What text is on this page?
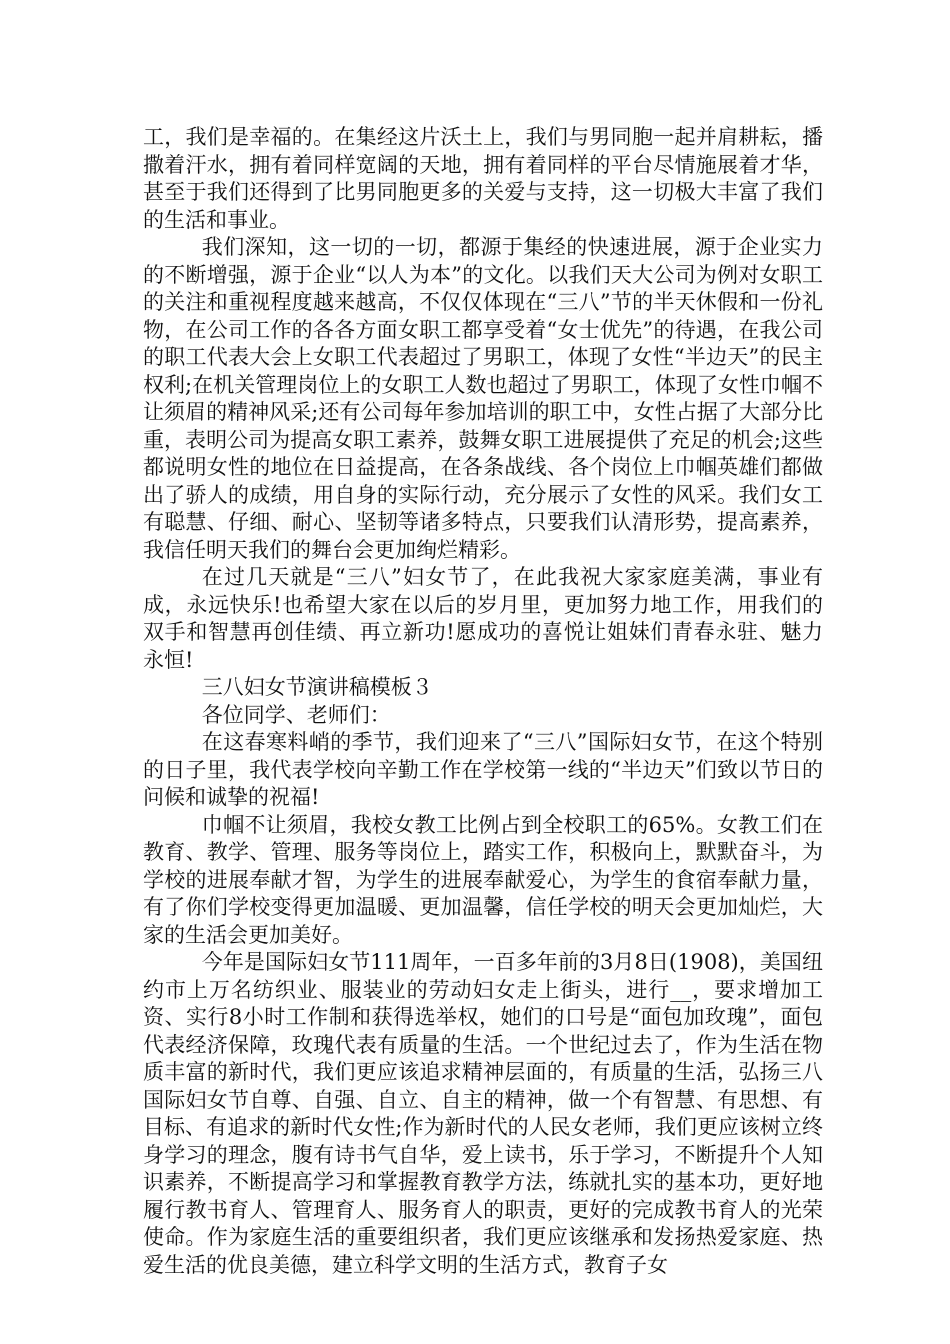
工，我们是幸福的。在集经这片沃土上，我们与男同胞一起并肩耕耘，播撒着汗水，拥有着同样宽阔的天地，拥有着同样的平台尽情施展着才华，甚至于我们还得到了比男同胞更多的关爱与支持，这一切极大丰富了我们的生活和事业。

我们深知，这一切的一切，都源于集经的快速进展，源于企业实力的不断增强，源于企业“以人为本”的文化。以我们天大公司为例对女职工的关注和重视程度越来越高，不仅仅体现在“三八”节的半天休假和一份礼物，在公司工作的各各方面女职工都享受着“女士优先”的待遇，在我公司的职工代表大会上女职工代表超过了男职工，体现了女性“半边天”的民主权利;在机关管理岗位上的女职工人数也超过了男职工，体现了女性巾帼不让须眉的精神风采;还有公司每年参加培训的职工中，女性占据了大部分比重，表明公司为提高女职工素养，鼓舞女职工进展提供了充足的机会;这些都说明女性的地位在日益提高，在各条战线、各个岗位上巾帼英雄们都做出了骄人的成绩，用自身的实际行动，充分展示了女性的风采。我们女工有聪慧、仔细、耐心、坚韧等诸多特点，只要我们认清形势，提高素养，我信任明天我们的舞台会更加绚烂精彩。

在过几天就是“三八”妇女节了，在此我祝大家家庭美满，事业有成，永远快乐!也希望大家在以后的岁月里，更加努力地工作，用我们的双手和智慧再创佳绩、再立新功!愿成功的喜悦让姐妹们青春永驻、魅力永恒!

三八妇女节演讲稿模板３

各位同学、老师们：

在这春寒料峭的季节，我们迎来了“三八”国际妇女节，在这个特别的日子里，我代表学校向辛勤工作在学校第一线的“半边天”们致以节日的问候和诚挚的祝福!

巾帼不让须眉，我校女教工比例占到全校职工的65%。女教工们在教育、教学、管理、服务等岗位上，踏实工作，积极向上，默默奋斗，为学校的进展奉献才智，为学生的进展奉献爱心，为学生的食宿奉献力量，有了你们学校变得更加温暖、更加温馨，信任学校的明天会更加灿烂，大家的生活会更加美好。

今年是国际妇女节111周年，一百多年前的3月8日(1908)，美国纽约市上万名纺织业、服装业的劳动妇女走上街头，进行__，要求增加工资、实行8小时工作制和获得选举权，她们的口号是“面包加玫瑰”，面包代表经济保障，玫瑰代表有质量的生活。一个世纪过去了，作为生活在物质丰富的新时代，我们更应该追求精神层面的，有质量的生活，弘扬三八国际妇女节自尊、自强、自立、自主的精神，做一个有智慧、有思想、有目标、有追求的新时代女性;作为新时代的人民女老师，我们更应该树立终身学习的理念，腹有诗书气自华，爱上读书，乐于学习，不断提升个人知识素养，不断提高学习和掌握教育教学方法，练就扎实的基本功，更好地履行教书育人、管理育人、服务育人的职责，更好的完成教书育人的光荣使命。作为家庭生活的重要组织者，我们更应该继承和发扬热爱家庭、热爱生活的优良美德，建立科学文明的生活方式，教育子女
